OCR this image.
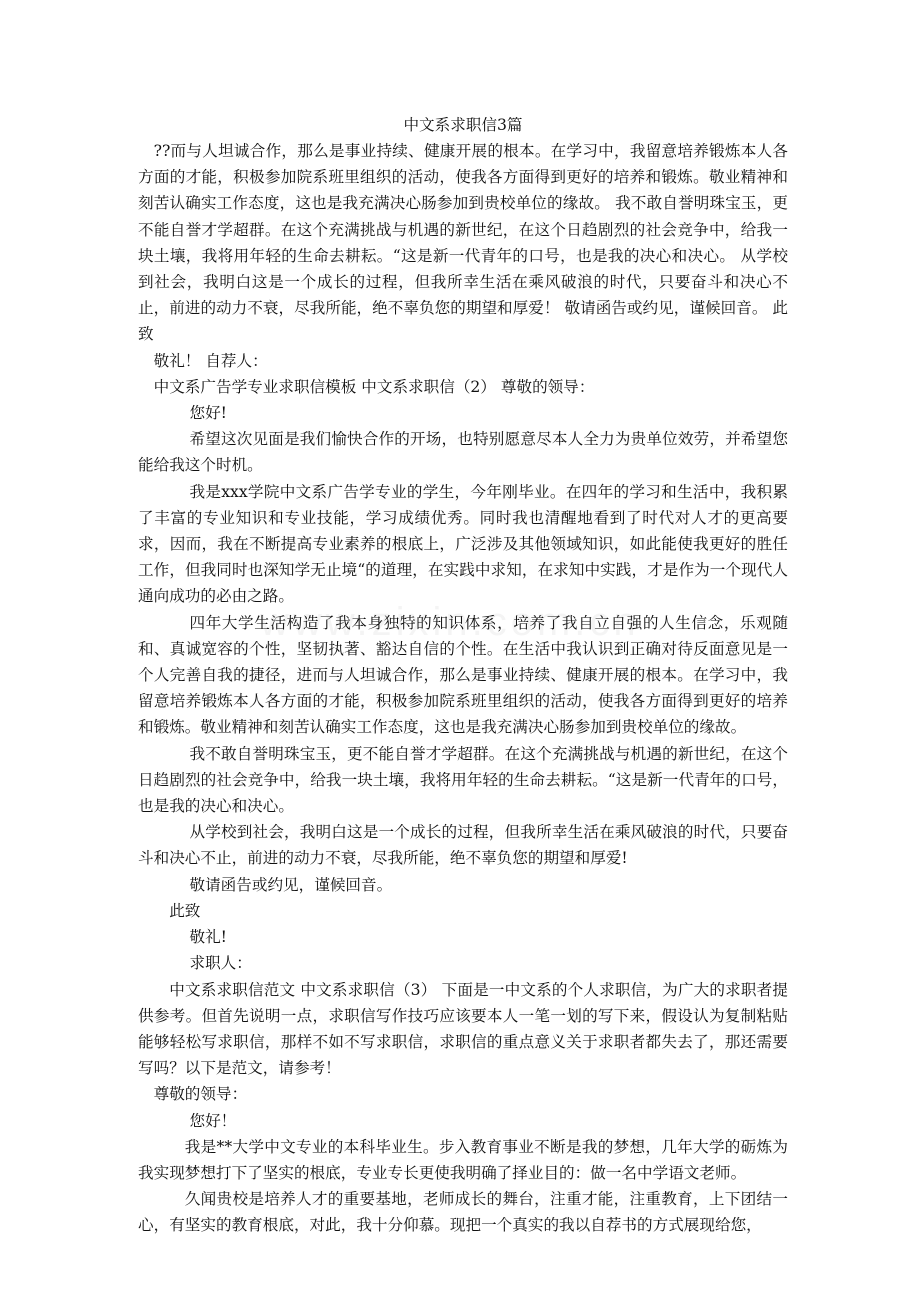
中文系求职信3篇

??而与人坦诚合作，那么是事业持续、健康开展的根本。在学习中，我留意培养锻炼本人各方面的才能，积极参加院系班里组织的活动，使我各方面得到更好的培养和锻炼。敬业精神和刻苦认确实工作态度，这也是我充满决心肠参加到贵校单位的缘故。 我不敢自誉明珠宝玉，更不能自誉才学超群。在这个充满挑战与机遇的新世纪，在这个日趋剧烈的社会竞争中，给我一块土壤，我将用年轻的生命去耕耘。“这是新一代青年的口号，也是我的决心和决心。 从学校到社会，我明白这是一个成长的过程，但我所幸生活在乘风破浪的时代，只要奋斗和决心不止，前进的动力不衰，尽我所能，绝不辜负您的期望和厚爱！ 敬请函告或约见，谨候回音。 此致

敬礼！ 自荐人：

中文系广告学专业求职信模板 中文系求职信（2） 尊敬的领导：

您好!

希望这次见面是我们愉快合作的开场，也特别愿意尽本人全力为贵单位效劳，并希望您能给我这个时机。

我是xxx学院中文系广告学专业的学生，今年刚毕业。在四年的学习和生活中，我积累了丰富的专业知识和专业技能，学习成绩优秀。同时我也清醒地看到了时代对人才的更高要求，因而，我在不断提高专业素养的根底上，广泛涉及其他领域知识，如此能使我更好的胜任工作，但我同时也深知学无止境“的道理，在实践中求知，在求知中实践，才是作为一个现代人通向成功的必由之路。

四年大学生活构造了我本身独特的知识体系，培养了我自立自强的人生信念，乐观随和、真诚宽容的个性，坚韧执著、豁达自信的个性。在生活中我认识到正确对待反面意见是一个人完善自我的捷径，进而与人坦诚合作，那么是事业持续、健康开展的根本。在学习中，我留意培养锻炼本人各方面的才能，积极参加院系班里组织的活动，使我各方面得到更好的培养和锻炼。敬业精神和刻苦认确实工作态度，这也是我充满决心肠参加到贵校单位的缘故。

我不敢自誉明珠宝玉，更不能自誉才学超群。在这个充满挑战与机遇的新世纪，在这个日趋剧烈的社会竞争中，给我一块土壤，我将用年轻的生命去耕耘。“这是新一代青年的口号，也是我的决心和决心。

从学校到社会，我明白这是一个成长的过程，但我所幸生活在乘风破浪的时代，只要奋斗和决心不止，前进的动力不衰，尽我所能，绝不辜负您的期望和厚爱!

敬请函告或约见，谨候回音。

此致

敬礼!

求职人：

中文系求职信范文 中文系求职信（3） 下面是一中文系的个人求职信，为广大的求职者提供参考。但首先说明一点，求职信写作技巧应该要本人一笔一划的写下来，假设认为复制粘贴能够轻松写求职信，那样不如不写求职信，求职信的重点意义关于求职者都失去了，那还需要写吗？以下是范文，请参考！

尊敬的领导：

您好！

我是**大学中文专业的本科毕业生。步入教育事业不断是我的梦想，几年大学的砺炼为我实现梦想打下了坚实的根底，专业专长更使我明确了择业目的：做一名中学语文老师。

久闻贵校是培养人才的重要基地，老师成长的舞台，注重才能，注重教育，上下团结一心，有坚实的教育根底，对此，我十分仰慕。现把一个真实的我以自荐书的方式展现给您，
